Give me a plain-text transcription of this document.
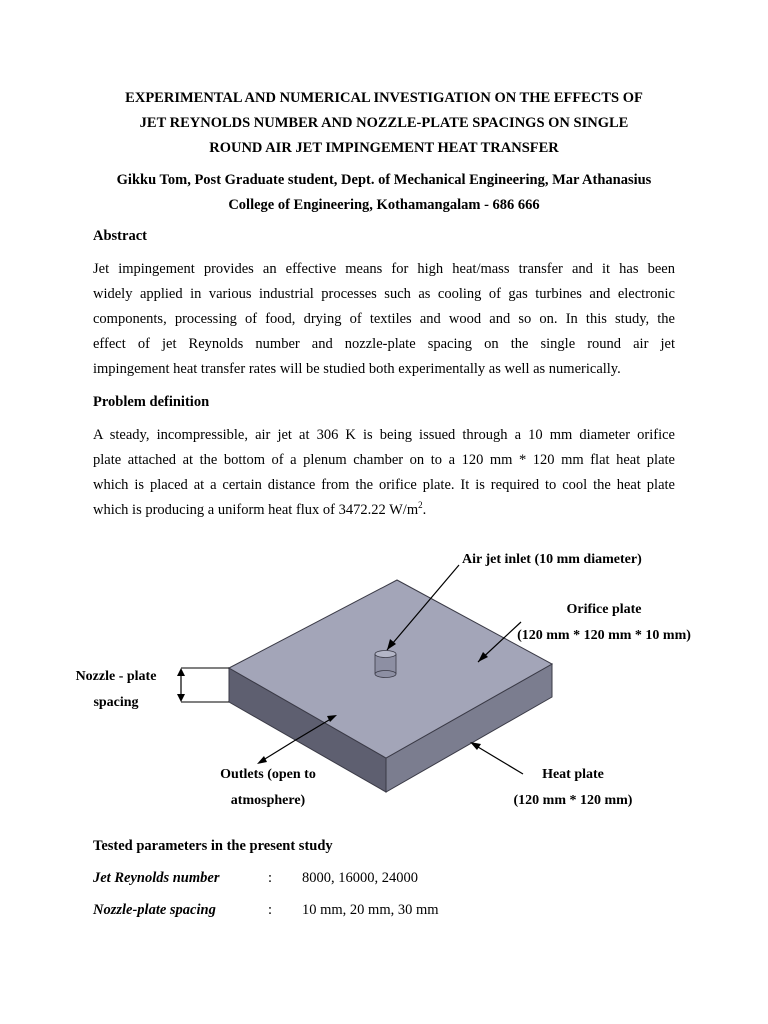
EXPERIMENTAL AND NUMERICAL INVESTIGATION ON THE EFFECTS OF
JET REYNOLDS NUMBER AND NOZZLE-PLATE SPACINGS ON SINGLE
ROUND AIR JET IMPINGEMENT HEAT TRANSFER
Gikku Tom, Post Graduate student, Dept. of Mechanical Engineering, Mar Athanasius
College of Engineering, Kothamangalam - 686 666
Abstract
Jet impingement provides an effective means for high heat/mass transfer and it has been
widely applied in various industrial processes such as cooling of gas turbines and electronic
components, processing of food, drying of textiles and wood and so on. In this study, the
effect of jet Reynolds number and nozzle-plate spacing on the single round air jet
impingement heat transfer rates will be studied both experimentally as well as numerically.
Problem definition
A steady, incompressible, air jet at 306 K is being issued through a 10 mm diameter orifice
plate attached at the bottom of a plenum chamber on to a 120 mm * 120 mm flat heat plate
which is placed at a certain distance from the orifice plate. It is required to cool the heat plate
which is producing a uniform heat flux of 3472.22 $W/m^2$.
Air jet inlet (10 mm diameter)
Orifice plate
(120 mm * 120 mm * 10 mm)
Nozzle - plate
spacing
Outlets (open to
atmosphere)
Heat plate
(120 mm * 120 mm)
Tested parameters in the present study
Jet Reynolds number	: 8000, 16000, 24000
Nozzle-plate spacing	: 10 mm, 20 mm, 30 mm
